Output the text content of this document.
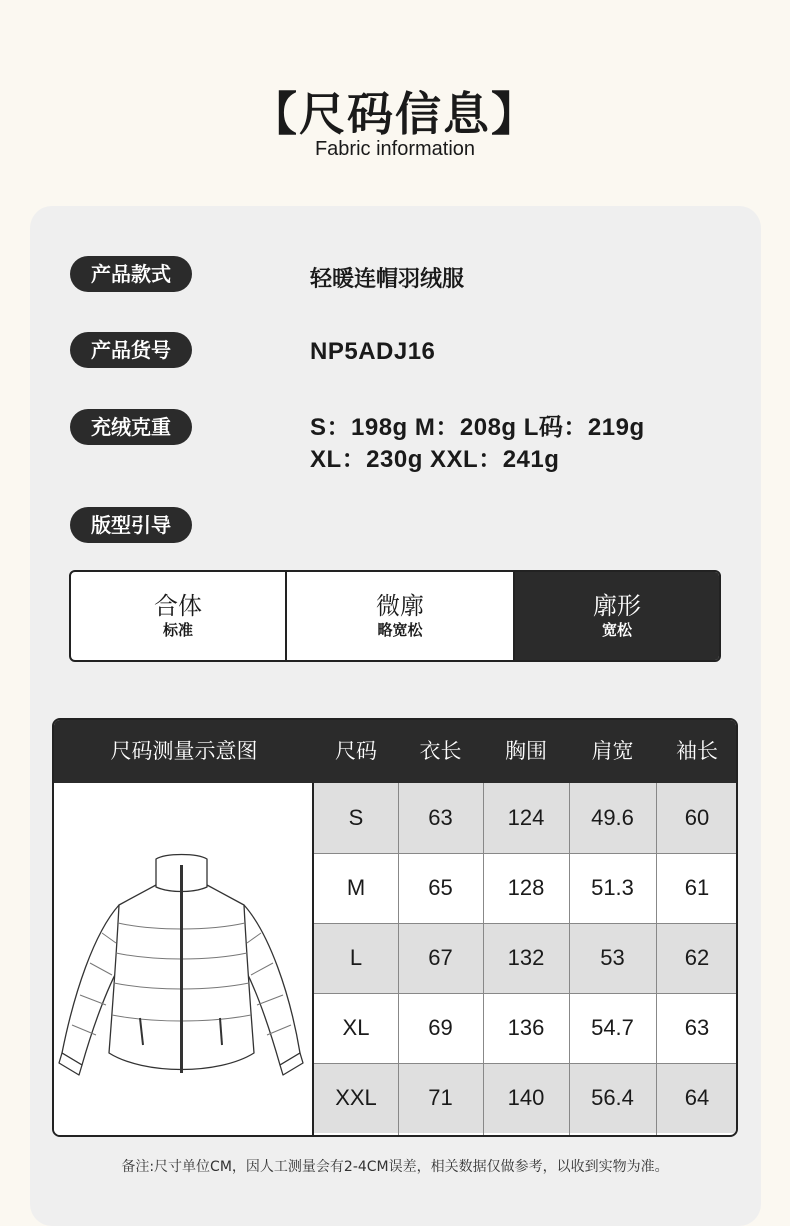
【尺码信息】
Fabric information
产品款式	轻暖连帽羽绒服
产品货号	NP5ADJ16
充绒克重	S：198g M：208g L码：219g
XL：230g XXL：241g
版型引导
合体
标准
微廓
略宽松
廓形
宽松
尺码测量示意图	尺码	衣长	胸围	肩宽	袖长
S	63	124	49.6	60
M	65	128	51.3	61
L	67	132	53	62
XL	69	136	54.7	63
XXL	71	140	56.4	64
备注:尺寸单位CM，因人工测量会有2-4CM误差，相关数据仅做参考，以收到实物为准。
